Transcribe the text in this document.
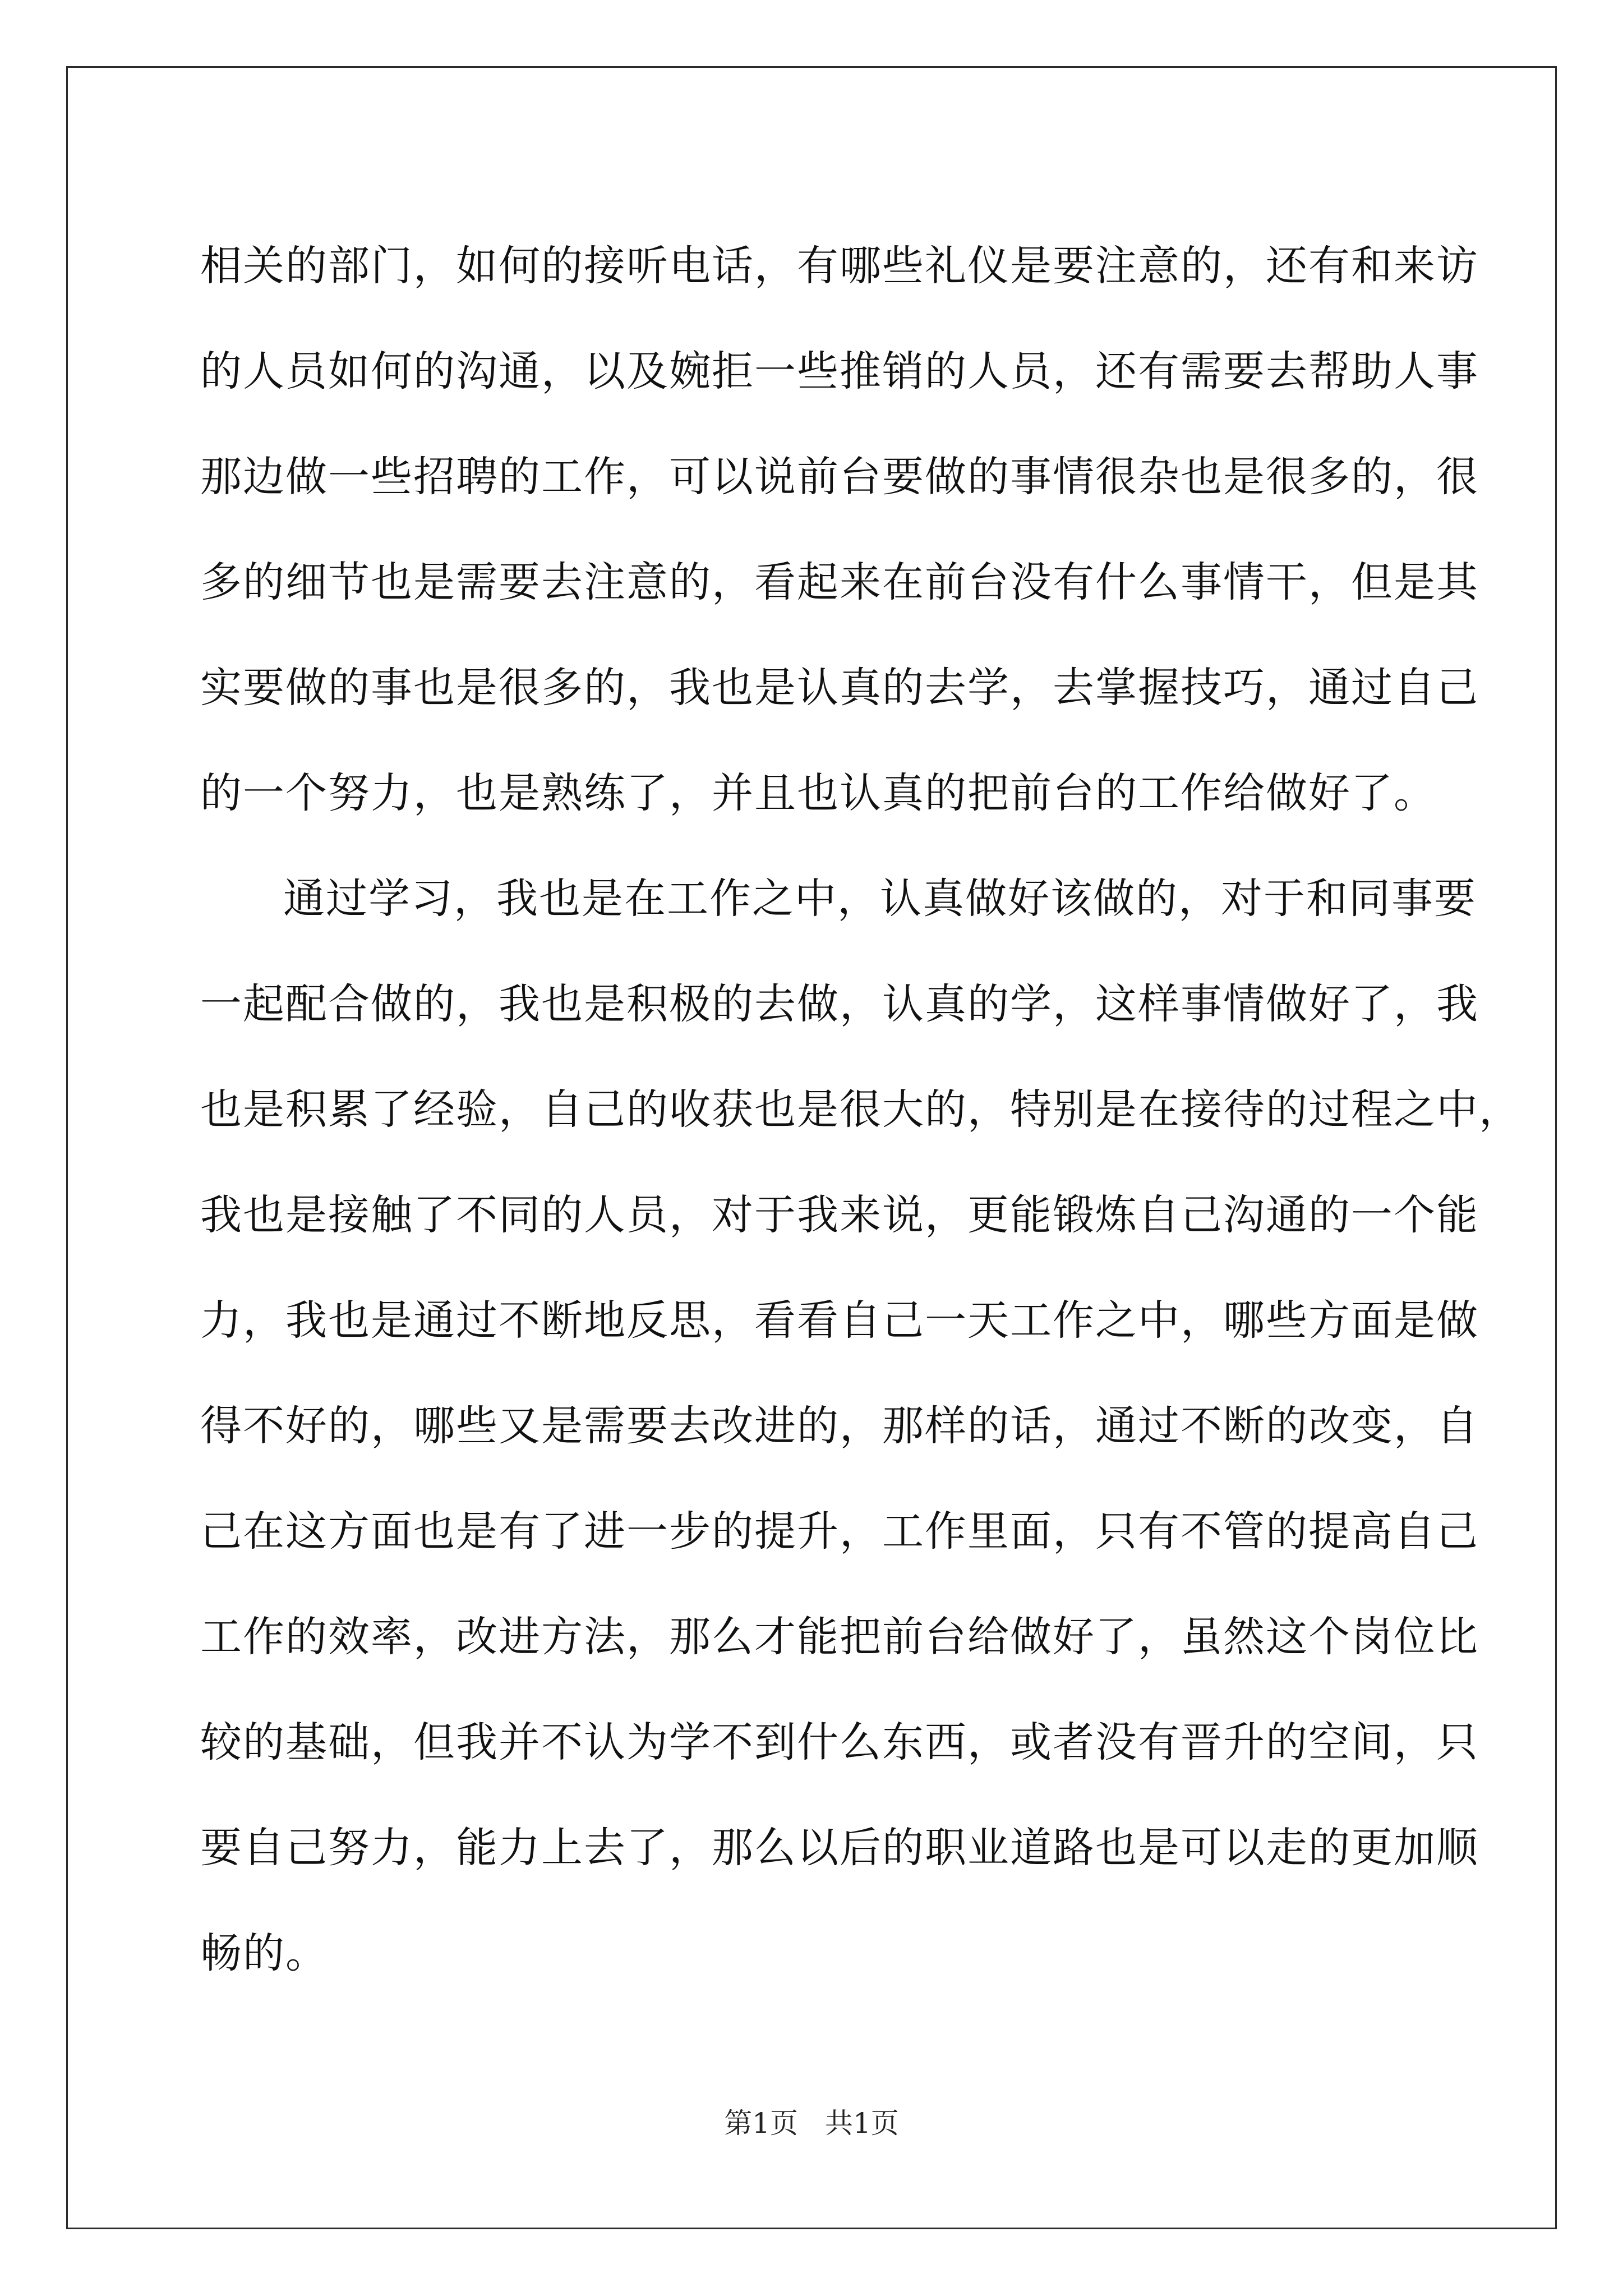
相关的部门，如何的接听电话，有哪些礼仪是要注意的，还有和来访
的人员如何的沟通，以及婉拒一些推销的人员，还有需要去帮助人事
那边做一些招聘的工作，可以说前台要做的事情很杂也是很多的，很
多的细节也是需要去注意的，看起来在前台没有什么事情干，但是其
实要做的事也是很多的，我也是认真的去学，去掌握技巧，通过自己
的一个努力，也是熟练了，并且也认真的把前台的工作给做好了。
通过学习，我也是在工作之中，认真做好该做的，对于和同事要
一起配合做的，我也是积极的去做，认真的学，这样事情做好了，我
也是积累了经验，自己的收获也是很大的，特别是在接待的过程之中，
我也是接触了不同的人员，对于我来说，更能锻炼自己沟通的一个能
力，我也是通过不断地反思，看看自己一天工作之中，哪些方面是做
得不好的，哪些又是需要去改进的，那样的话，通过不断的改变，自
己在这方面也是有了进一步的提升，工作里面，只有不管的提高自己
工作的效率，改进方法，那么才能把前台给做好了，虽然这个岗位比
较的基础，但我并不认为学不到什么东西，或者没有晋升的空间，只
要自己努力，能力上去了，那么以后的职业道路也是可以走的更加顺
畅的。
第1页 共1页
